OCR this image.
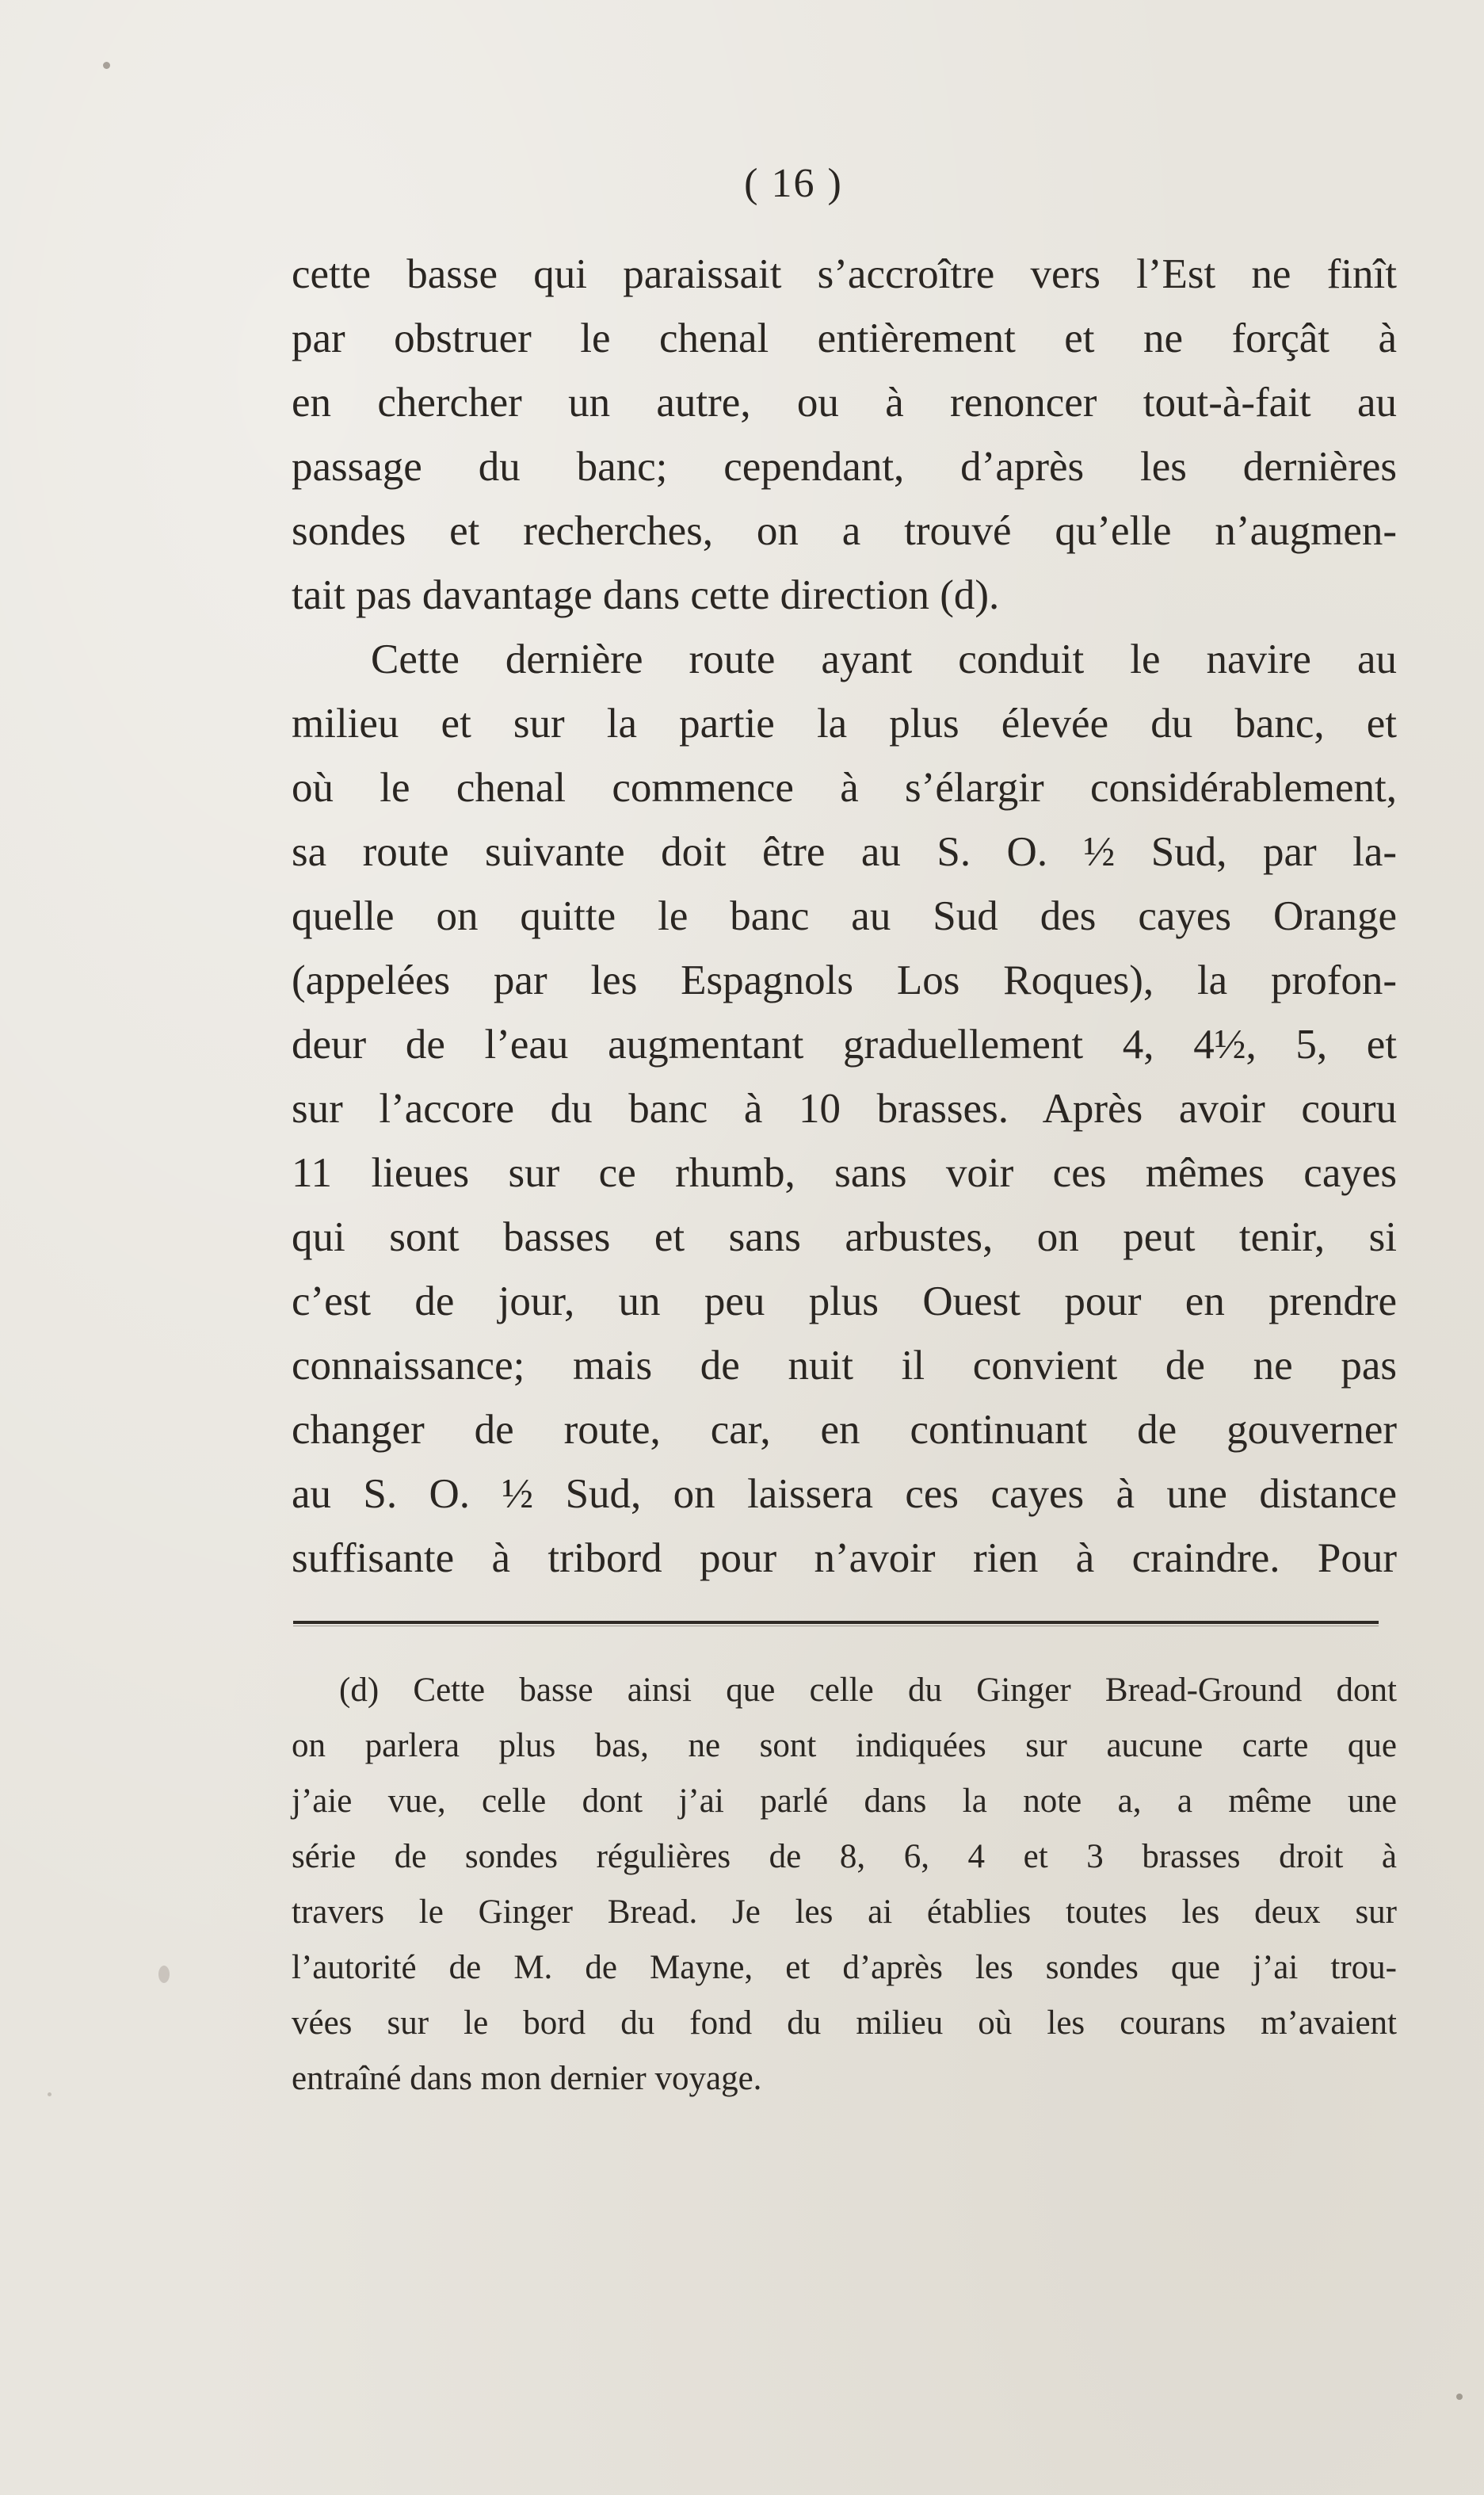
( 16 )
cette basse qui paraissait s’accroître vers l’Est ne finît
par obstruer le chenal entièrement et ne forçât à
en chercher un autre, ou à renoncer tout-à-fait au
passage du banc; cependant, d’après les dernières
sondes et recherches, on a trouvé qu’elle n’augmen-
tait pas davantage dans cette direction (d).
Cette dernière route ayant conduit le navire au
milieu et sur la partie la plus élevée du banc, et
où le chenal commence à s’élargir considérablement,
sa route suivante doit être au S. O. ½ Sud, par la-
quelle on quitte le banc au Sud des cayes Orange
(appelées par les Espagnols Los Roques), la profon-
deur de l’eau augmentant graduellement 4, 4½, 5, et
sur l’accore du banc à 10 brasses. Après avoir couru
11 lieues sur ce rhumb, sans voir ces mêmes cayes
qui sont basses et sans arbustes, on peut tenir, si
c’est de jour, un peu plus Ouest pour en prendre
connaissance; mais de nuit il convient de ne pas
changer de route, car, en continuant de gouverner
au S. O. ½ Sud, on laissera ces cayes à une distance
suffisante à tribord pour n’avoir rien à craindre. Pour
(d) Cette basse ainsi que celle du Ginger Bread-Ground dont
on parlera plus bas, ne sont indiquées sur aucune carte que
j’aie vue, celle dont j’ai parlé dans la note a, a même une
série de sondes régulières de 8, 6, 4 et 3 brasses droit à
travers le Ginger Bread. Je les ai établies toutes les deux sur
l’autorité de M. de Mayne, et d’après les sondes que j’ai trou-
vées sur le bord du fond du milieu où les courans m’avaient
entraîné dans mon dernier voyage.
